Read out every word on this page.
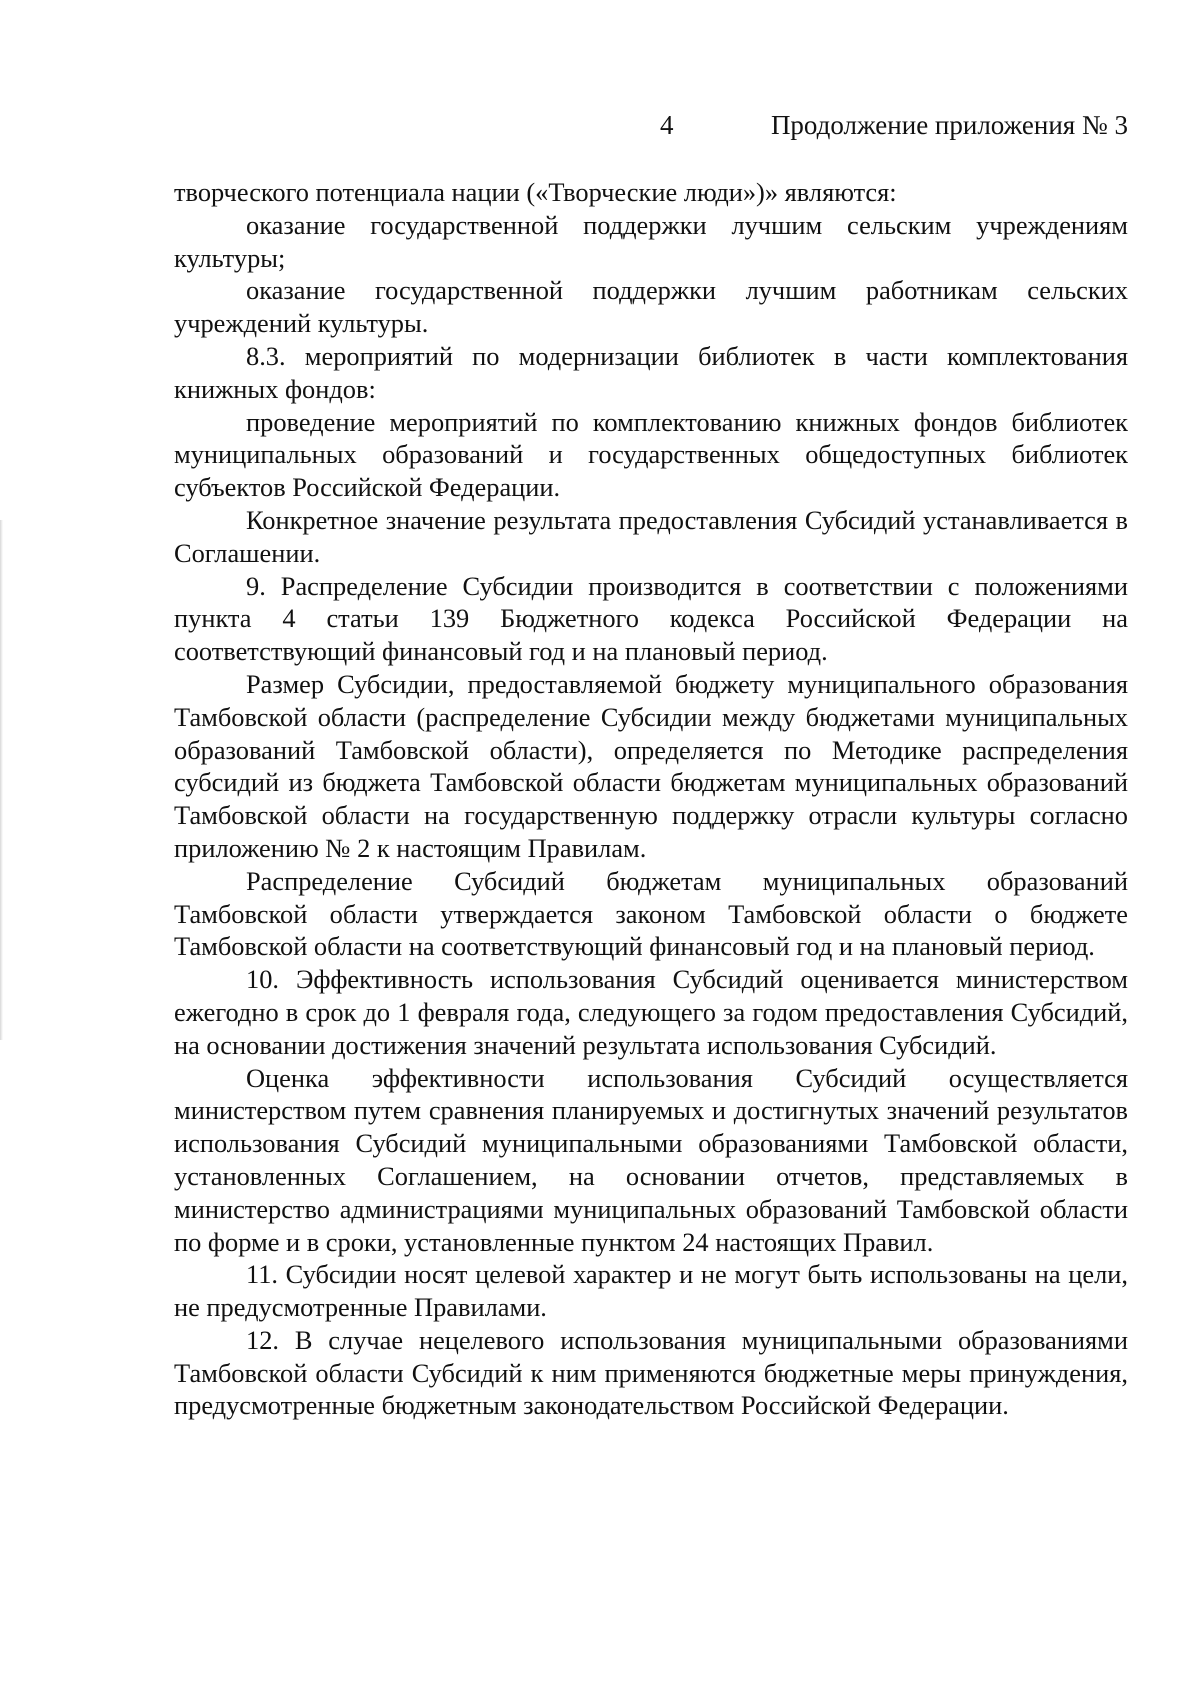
4	Продолжение приложения № 3

творческого потенциала нации («Творческие люди»)» являются:

оказание государственной поддержки лучшим сельским учреждениям культуры;

оказание государственной поддержки лучшим работникам сельских учреждений культуры.

8.3. мероприятий по модернизации библиотек в части комплектования книжных фондов:

проведение мероприятий по комплектованию книжных фондов библиотек муниципальных образований и государственных общедоступных библиотек субъектов Российской Федерации.

Конкретное значение результата предоставления Субсидий устанавливается в Соглашении.

9. Распределение Субсидии производится в соответствии с положениями пункта 4 статьи 139 Бюджетного кодекса Российской Федерации на соответствующий финансовый год и на плановый период.

Размер Субсидии, предоставляемой бюджету муниципального образования Тамбовской области (распределение Субсидии между бюджетами муниципальных образований Тамбовской области), определяется по Методике распределения субсидий из бюджета Тамбовской области бюджетам муниципальных образований Тамбовской области на государственную поддержку отрасли культуры согласно приложению № 2 к настоящим Правилам.

Распределение Субсидий бюджетам муниципальных образований Тамбовской области утверждается законом Тамбовской области о бюджете Тамбовской области на соответствующий финансовый год и на плановый период.

10. Эффективность использования Субсидий оценивается министерством ежегодно в срок до 1 февраля года, следующего за годом предоставления Субсидий, на основании достижения значений результата использования Субсидий.

Оценка эффективности использования Субсидий осуществляется министерством путем сравнения планируемых и достигнутых значений результатов использования Субсидий муниципальными образованиями Тамбовской области, установленных Соглашением, на основании отчетов, представляемых в министерство администрациями муниципальных образований Тамбовской области по форме и в сроки, установленные пунктом 24 настоящих Правил.

11. Субсидии носят целевой характер и не могут быть использованы на цели, не предусмотренные Правилами.

12. В случае нецелевого использования муниципальными образованиями Тамбовской области Субсидий к ним применяются бюджетные меры принуждения, предусмотренные бюджетным законодательством Российской Федерации.
